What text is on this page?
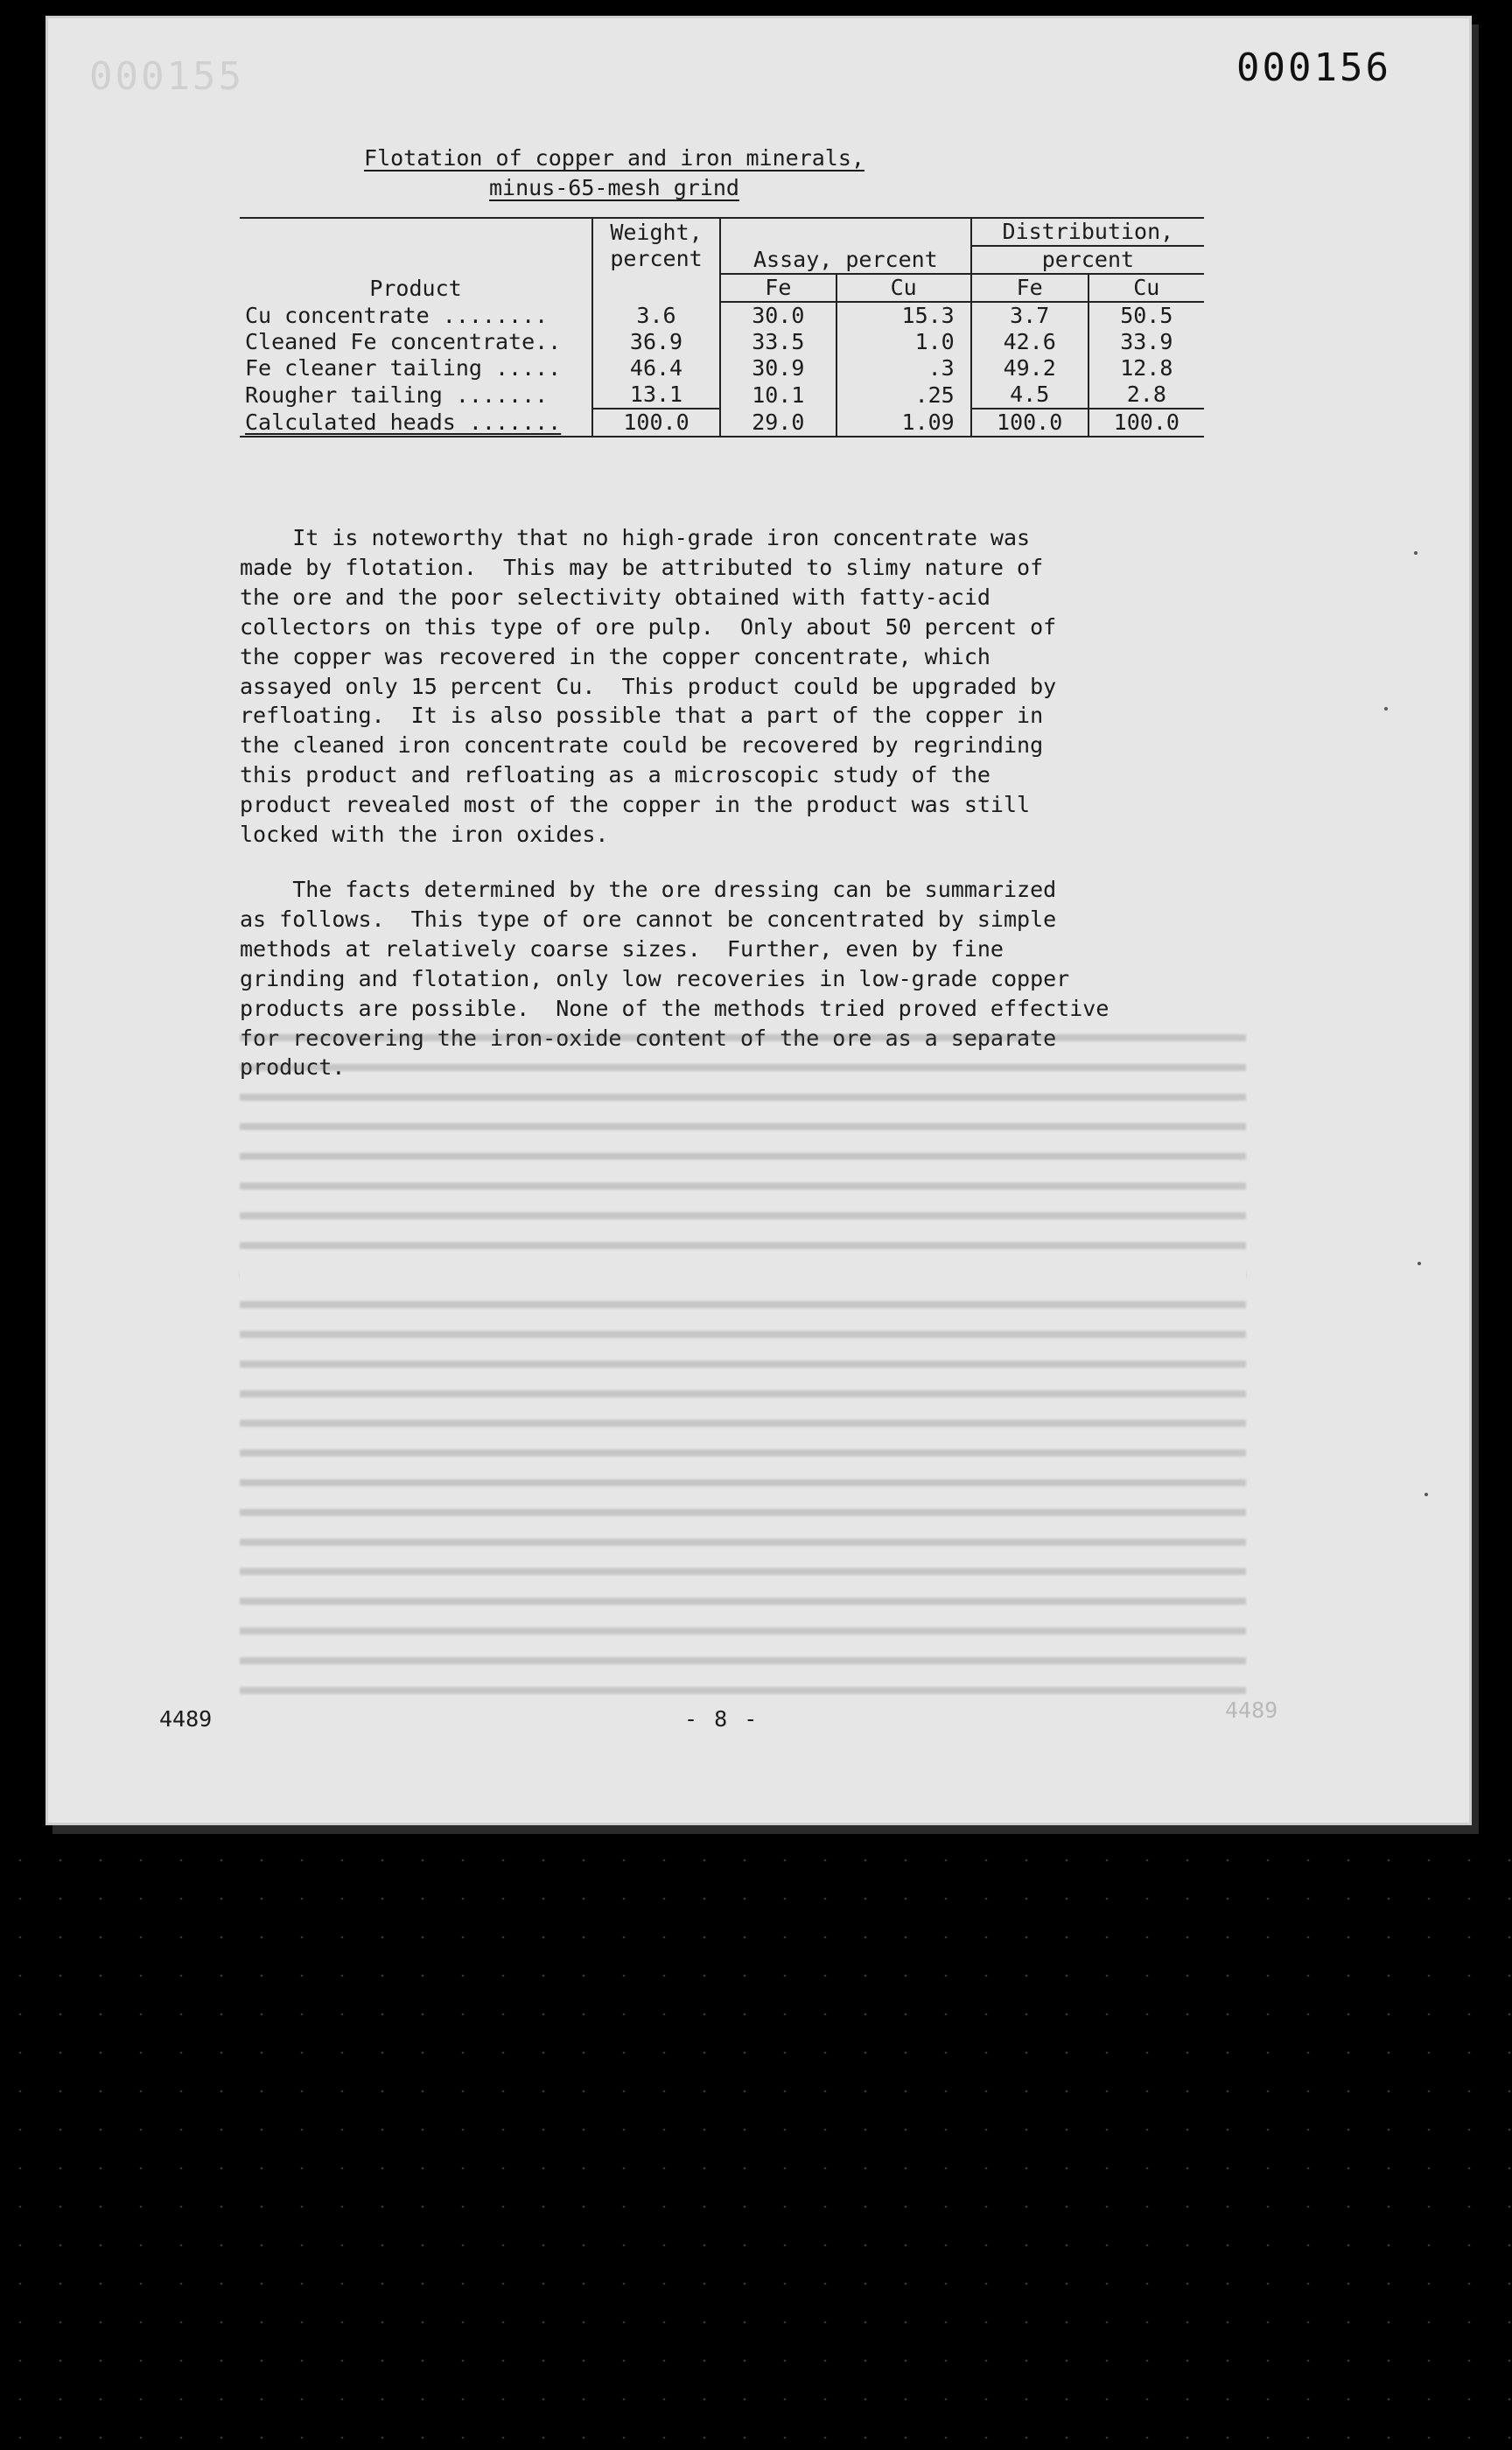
000155	000156
Flotation of copper and iron minerals,
minus-65-mesh grind
Product	Weight,			Distribution,	
	percent	Assay, percent		percent	
		Fe	Cu	Fe	Cu
Cu concentrate ........	3.6	30.0	15.3	3.7	50.5
Cleaned Fe concentrate..	36.9	33.5	1.0	42.6	33.9
Fe cleaner tailing .....	46.4	30.9	.3	49.2	12.8
Rougher tailing .......	13.1	10.1	.25	4.5	2.8
Calculated heads .......	100.0	29.0	1.09	100.0	100.0
It is noteworthy that no high-grade iron concentrate was
made by flotation.  This may be attributed to slimy nature of
the ore and the poor selectivity obtained with fatty-acid
collectors on this type of ore pulp.  Only about 50 percent of
the copper was recovered in the copper concentrate, which
assayed only 15 percent Cu.  This product could be upgraded by
refloating.  It is also possible that a part of the copper in
the cleaned iron concentrate could be recovered by regrinding
this product and refloating as a microscopic study of the
product revealed most of the copper in the product was still
locked with the iron oxides.
The facts determined by the ore dressing can be summarized
as follows.  This type of ore cannot be concentrated by simple
methods at relatively coarse sizes.  Further, even by fine
grinding and flotation, only low recoveries in low-grade copper
products are possible.  None of the methods tried proved effective
for recovering the iron-oxide content of the ore as a separate
product.
4489	- 8 -	4489
